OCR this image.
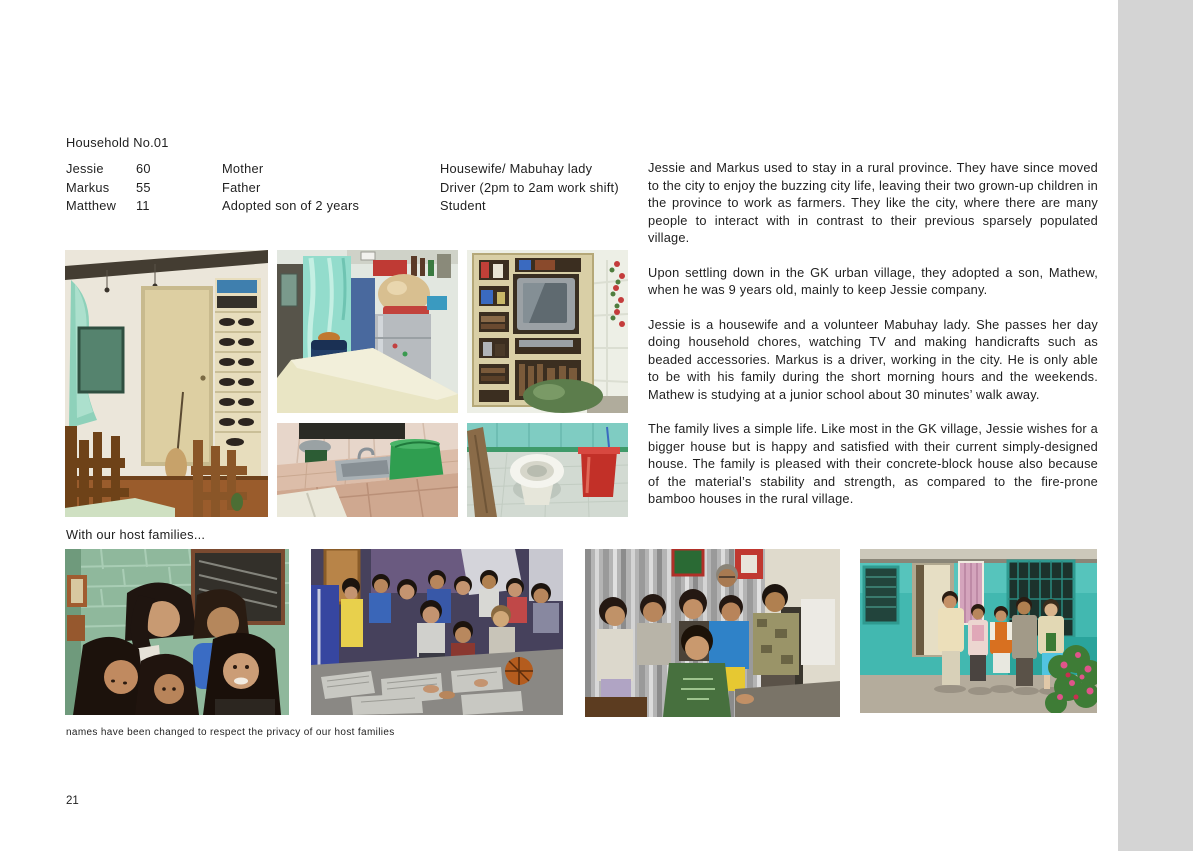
Household No.01
Jessie	60	Mother	Housewife/ Mabuhay lady
Markus 55	Father	Driver (2pm to 2am work shift)
Matthew 11	Adopted son of 2 years	Student

Jessie and Markus used to stay in a rural province. They have since moved to the city to enjoy the buzzing city life, leaving their two grown-up children in the province to work as farmers. They like the city, where there are many people to interact with in contrast to their previous sparsely populated village.

Upon settling down in the GK urban village, they adopted a son, Mathew, when he was 9 years old, mainly to keep Jessie company.

Jessie is a housewife and a volunteer Mabuhay lady. She passes her day doing household chores, watching TV and making handicrafts such as beaded accessories. Markus is a driver, working in the city. He is only able to be with his family during the short morning hours and the weekends. Mathew is studying at a junior school about 30 minutes’ walk away.

The family lives a simple life. Like most in the GK village, Jessie wishes for a bigger house but is happy and satisfied with their current simply-designed house. The family is pleased with their concrete-block house also because of the material’s stability and strength, as compared to the fire-prone bamboo houses in the rural village.

With our host families...
names have been changed to respect the privacy of our host families
21
